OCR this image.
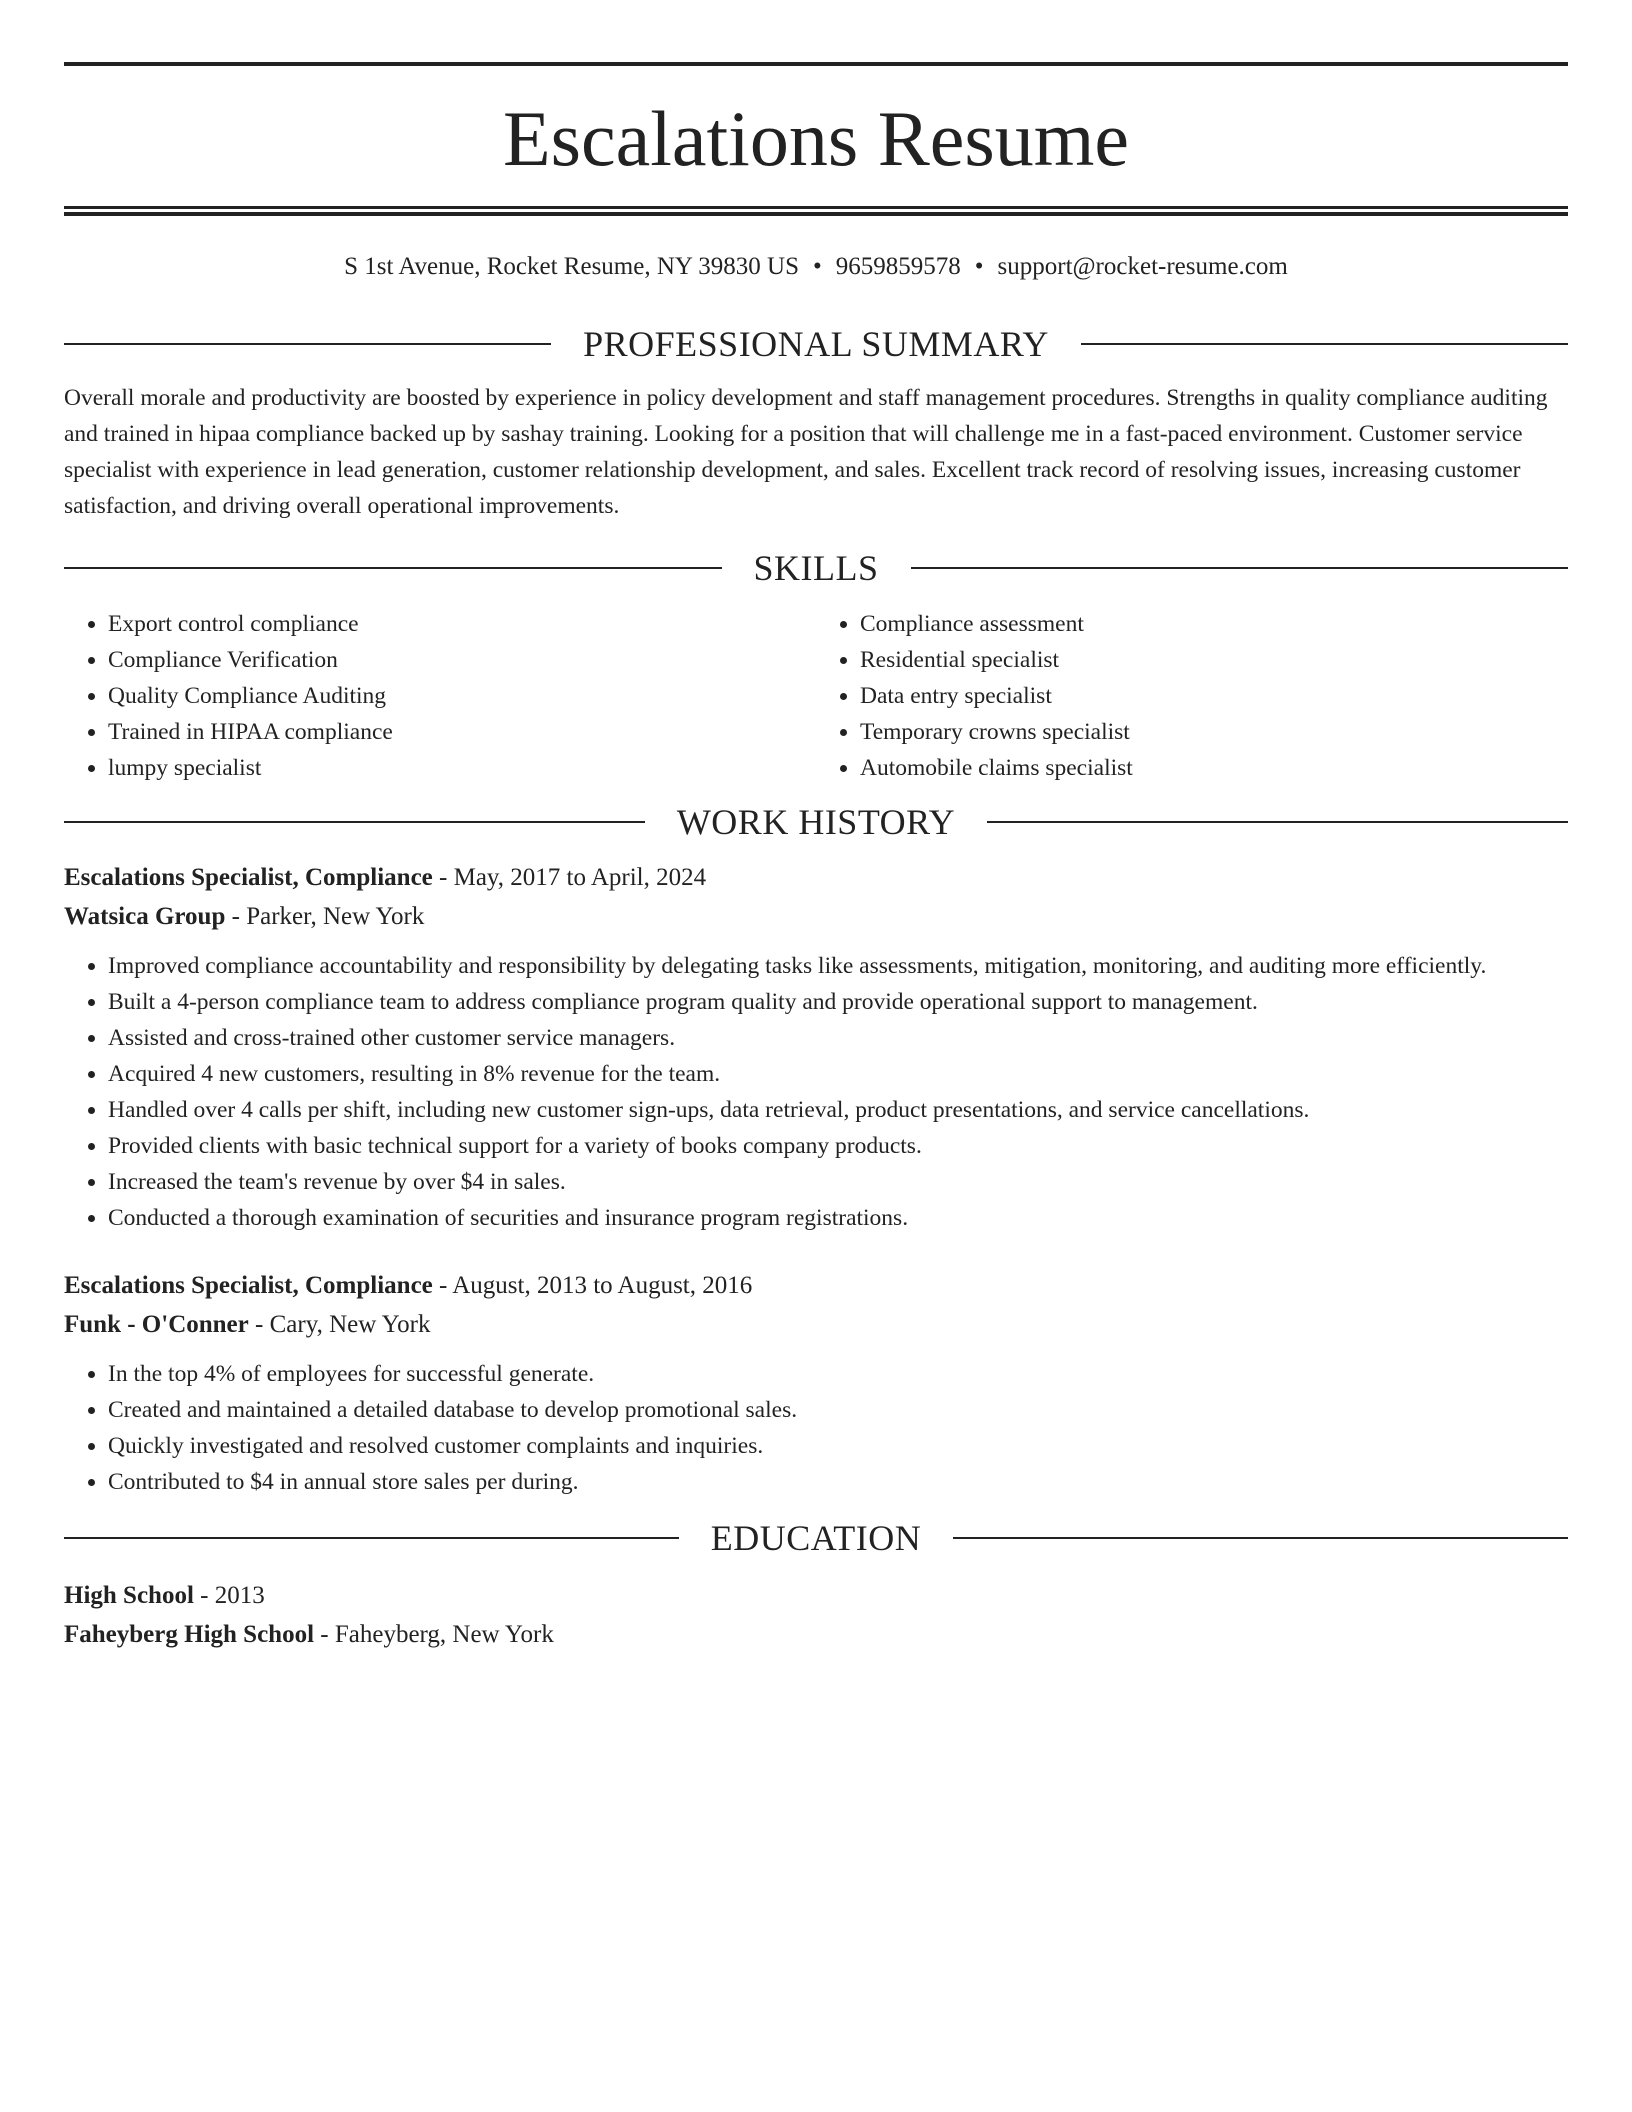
Escalations Resume
S 1st Avenue, Rocket Resume, NY 39830 US • 9659859578 • support@rocket-resume.com
PROFESSIONAL SUMMARY

Overall morale and productivity are boosted by experience in policy development and staff management procedures. Strengths in quality compliance auditing and trained in hipaa compliance backed up by sashay training. Looking for a position that will challenge me in a fast-paced environment. Customer service specialist with experience in lead generation, customer relationship development, and sales. Excellent track record of resolving issues, increasing customer satisfaction, and driving overall operational improvements.

SKILLS
• Export control compliance
• Compliance Verification
• Quality Compliance Auditing
• Trained in HIPAA compliance
• lumpy specialist
• Compliance assessment
• Residential specialist
• Data entry specialist
• Temporary crowns specialist
• Automobile claims specialist
WORK HISTORY
Escalations Specialist, Compliance - May, 2017 to April, 2024
Watsica Group - Parker, New York
• Improved compliance accountability and responsibility by delegating tasks like assessments, mitigation, monitoring, and auditing more efficiently.
• Built a 4-person compliance team to address compliance program quality and provide operational support to management.
• Assisted and cross-trained other customer service managers.
• Acquired 4 new customers, resulting in 8% revenue for the team.
• Handled over 4 calls per shift, including new customer sign-ups, data retrieval, product presentations, and service cancellations.
• Provided clients with basic technical support for a variety of books company products.
• Increased the team's revenue by over $4 in sales.
• Conducted a thorough examination of securities and insurance program registrations.
Escalations Specialist, Compliance - August, 2013 to August, 2016
Funk - O'Conner - Cary, New York
• In the top 4% of employees for successful generate.
• Created and maintained a detailed database to develop promotional sales.
• Quickly investigated and resolved customer complaints and inquiries.
• Contributed to $4 in annual store sales per during.
EDUCATION
High School - 2013
Faheyberg High School - Faheyberg, New York
